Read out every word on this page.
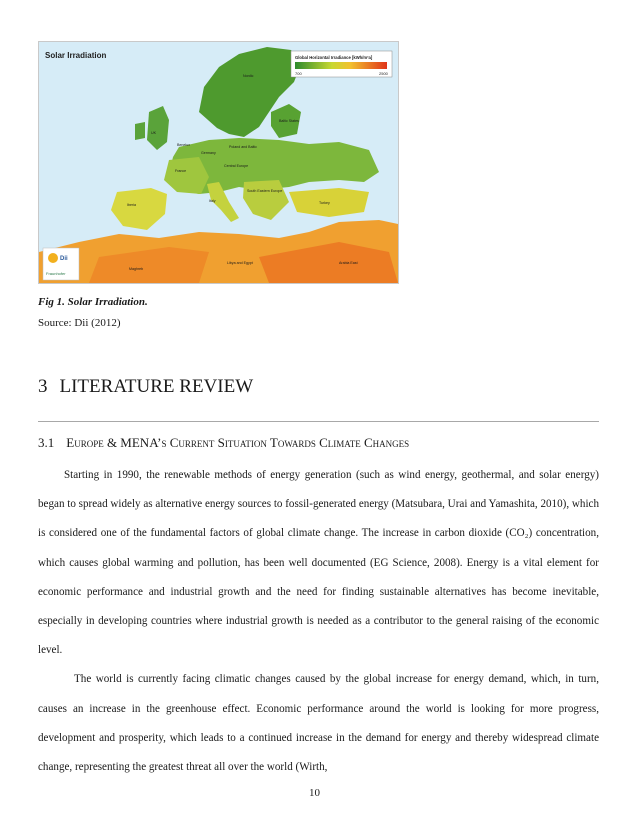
Solar Irradiation	Global Horizontal Irradiance [kWh/m²a]
700	2500
Nordic
Baltic States
UK
Benelux
Germany
Poland and Baltic
Central Europe
France
South Eastern Europe
Italy
Iberia	Turkey
Maghreb
Libya and Egypt	Arabia East
Dii
Fraunhofer
Fig 1. Solar Irradiation.
Source: Dii (2012)
3 LITERATURE REVIEW
3.1 Europe & MENA’s Current Situation Towards Climate Changes

Starting in 1990, the renewable methods of energy generation (such as wind energy, geothermal, and solar energy) began to spread widely as alternative energy sources to fossil-generated energy (Matsubara, Urai and Yamashita, 2010), which is considered one of the fundamental factors of global climate change. The increase in carbon dioxide (CO₂) concentration, which causes global warming and pollution, has been well documented (EG Science, 2008). Energy is a vital element for economic performance and industrial growth and the need for finding sustainable alternatives has become inevitable, especially in developing countries where industrial growth is needed as a contributor to the general raising of the economic level.

The world is currently facing climatic changes caused by the global increase for energy demand, which, in turn, causes an increase in the greenhouse effect. Economic performance around the world is looking for more progress, development and prosperity, which leads to a continued increase in the demand for energy and thereby widespread climate change, representing the greatest threat all over the world (Wirth,

10
